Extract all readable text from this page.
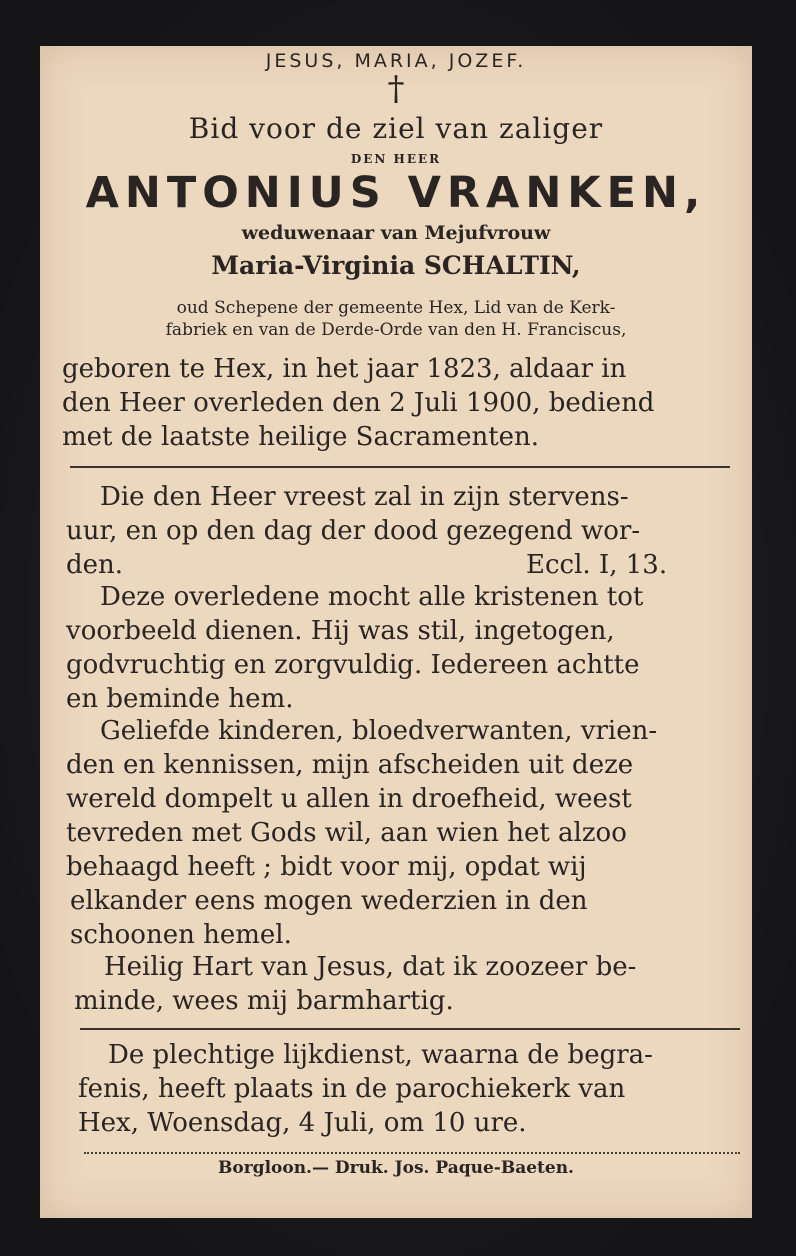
JESUS, MARIA, JOZEF.
†
Bid voor de ziel van zaliger
DEN HEER
ANTONIUS VRANKEN,
weduwenaar van Mejufvrouw
Maria-Virginia SCHALTIN,
oud Schepene der gemeente Hex, Lid van de Kerk-
fabriek en van de Derde-Orde van den H. Franciscus,
geboren te Hex, in het jaar 1823, aldaar in
den Heer overleden den 2 Juli 1900, bediend
met de laatste heilige Sacramenten.
Die den Heer vreest zal in zijn stervens-
uur, en op den dag der dood gezegend wor-
den.	Eccl. I, 13.
Deze overledene mocht alle kristenen tot
voorbeeld dienen. Hij was stil, ingetogen,
godvruchtig en zorgvuldig. Iedereen achtte
en beminde hem.
Geliefde kinderen, bloedverwanten, vrien-
den en kennissen, mijn afscheiden uit deze
wereld dompelt u allen in droefheid, weest
tevreden met Gods wil, aan wien het alzoo
behaagd heeft ; bidt voor mij, opdat wij
elkander eens mogen wederzien in den
schoonen hemel.
Heilig Hart van Jesus, dat ik zoozeer be-
minde, wees mij barmhartig.
De plechtige lijkdienst, waarna de begra-
fenis, heeft plaats in de parochiekerk van
Hex, Woensdag, 4 Juli, om 10 ure.
Borgloon.— Druk. Jos. Paque-Baeten.
